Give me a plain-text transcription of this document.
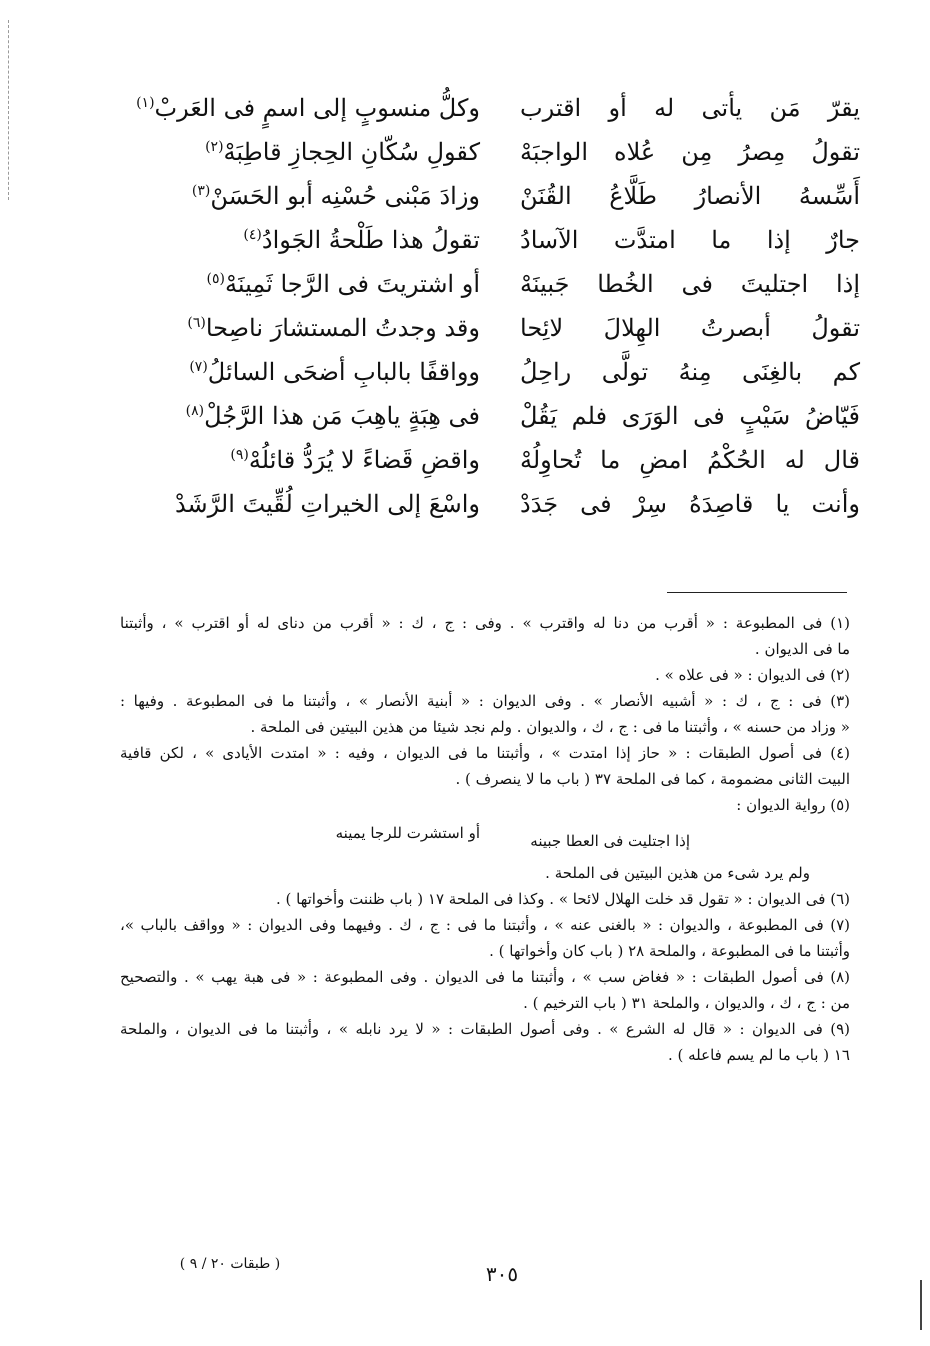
يقرّ مَن يأتى له أو اقترب
وكلُّ منسوبٍ إلى اسمٍ فى العَربْ$^{(١)}$
تقولُ مِصرُ مِن عُلاه الواجبَهْ
كقولِ سُكّانِ الحِجازِ قاطِبَهْ$^{(٢)}$
أَسِّسهُ الأنصارُ طَلَّاعُ القُنَنْ
وزادَ مَبْنى حُسْنِه أبو الحَسَنْ$^{(٣)}$
جارٌ إذا ما امتدَّت الآسادُ
تقولُ هذا طَلْحةُ الجَوادُ$^{(٤)}$
إذا اجتليتَ فى الخُطا جَبينَهْ
أو اشتريتَ فى الرَّجا ثَمِينَهْ$^{(٥)}$
تقولُ أبصرتُ الهِلالَ لائِحا
وقد وجدتُ المستشارَ ناصِحا$^{(٦)}$
كم بالغِنَى مِنهُ تولَّى راحِلُ
وواقفًا بالبابِ أضحَى السائلُ$^{(٧)}$
فَيّاضُ سَيْبٍ فى الوَرَى فلم يَقُلْ
فى هِبَةٍ ياهِبَ مَن هذا الرَّجُلْ$^{(٨)}$
قال له الحُكْمُ امضِ ما تُحاوِلُهْ
واقضِ قَضاءً لا يُرَدُّ قائلُهْ$^{(٩)}$
وأنت يا قاصِدَهُ سِرْ فى جَدَدْ
واسْعَ إلى الخيراتِ لُقِّيتَ الرَّشَدْ
(١) فى المطبوعة : « أقرب من دنا له واقترب » . وفى : ج ، ك : « أقرب من دناى له أو اقترب » ، وأثبتنا
ما فى الديوان .
(٢) فى الديوان : « فى علاه » .
(٣) فى : ج ، ك : « أشبيه الأنصار » . وفى الديوان : « أبنية الأنصار » ، وأثبتنا ما فى المطبوعة . وفيها :
« وزاد من حسنه » ، وأثبتنا ما فى : ج ، ك ، والديوان . ولم نجد شيئا من هذين البيتين فى الملحة .
(٤) فى أصول الطبقات : « حاز إذا امتدت » ، وأثبتنا ما فى الديوان ، وفيه : « امتدت الأيادى » ، لكن قافية
البيت الثانى مضمومة ، كما فى الملحة ٣٧ ( باب ما لا ينصرف ) .
(٥) رواية الديوان :
إذا اجتليت فى العطا جبينه
أو استشرت للرجا يمينه
ولم يرد شىء من هذين البيتين فى الملحة .
(٦) فى الديوان : « تقول قد خلت الهلال لائحا » . وكذا فى الملحة ١٧ ( باب ظننت وأخواتها ) .
(٧) فى المطبوعة ، والديوان : « بالغنى عنه » ، وأثبتنا ما فى : ج ، ك . وفيهما وفى الديوان : « وواقف بالباب »،
وأثبتنا ما فى المطبوعة ، والملحة ٢٨ ( باب كان وأخواتها ) .
(٨) فى أصول الطبقات : « فغاض سب » ، وأثبتنا ما فى الديوان . وفى المطبوعة : « فى هبة يهب » . والتصحيح
من : ج ، ك ، والديوان ، والملحة ٣١ ( باب الترخيم ) .
(٩) فى الديوان : « قال له الشرع » . وفى أصول الطبقات : « لا يرد نابله » ، وأثبتنا ما فى الديوان ، والملحة
١٦ ( باب ما لم يسم فاعله ) .
٣٠٥
( طبقات ٢٠ / ٩ )
